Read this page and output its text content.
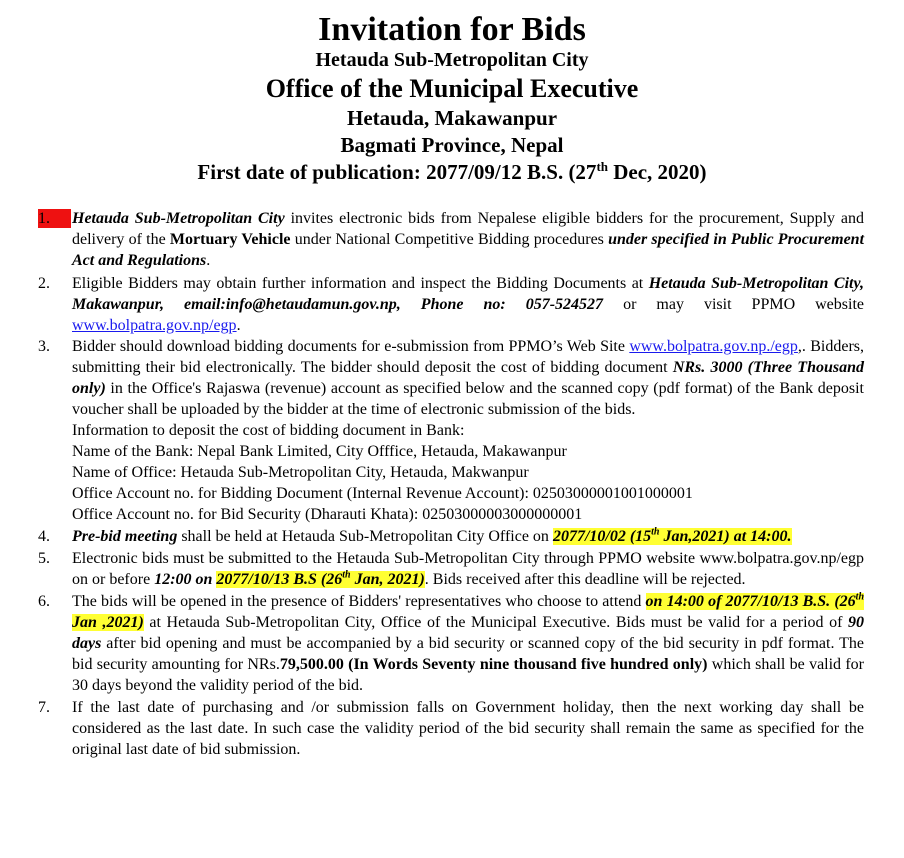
Invitation for Bids

Hetauda Sub-Metropolitan City

Office of the Municipal Executive

Hetauda, Makawanpur

Bagmati Province, Nepal

First date of publication: 2077/09/12 B.S. (27th Dec, 2020)

1.	Hetauda Sub-Metropolitan City invites electronic bids from Nepalese eligible bidders for the procurement, Supply and delivery of the Mortuary Vehicle under National Competitive Bidding procedures under specified in Public Procurement Act and Regulations.

2.	Eligible Bidders may obtain further information and inspect the Bidding Documents at Hetauda Sub-Metropolitan City, Makawanpur, email:info@hetaudamun.gov.np, Phone no: 057-524527 or may visit PPMO website www.bolpatra.gov.np/egp.

3.	Bidder should download bidding documents for e-submission from PPMO’s Web Site www.bolpatra.gov.np./egp,. Bidders, submitting their bid electronically. The bidder should deposit the cost of bidding document NRs. 3000 (Three Thousand only) in the Office's Rajaswa (revenue) account as specified below and the scanned copy (pdf format) of the Bank deposit voucher shall be uploaded by the bidder at the time of electronic submission of the bids.
Information to deposit the cost of bidding document in Bank:
Name of the Bank: Nepal Bank Limited, City Offfice, Hetauda, Makawanpur
Name of Office: Hetauda Sub-Metropolitan City, Hetauda, Makwanpur
Office Account no. for Bidding Document (Internal Revenue Account): 02503000001001000001
Office Account no. for Bid Security (Dharauti Khata): 02503000003000000001

4.	Pre-bid meeting shall be held at Hetauda Sub-Metropolitan City Office on 2077/10/02 (15th Jan,2021) at 14:00.

5.	Electronic bids must be submitted to the Hetauda Sub-Metropolitan City through PPMO website www.bolpatra.gov.np/egp on or before 12:00 on 2077/10/13 B.S (26th Jan, 2021). Bids received after this deadline will be rejected.

6.	The bids will be opened in the presence of Bidders' representatives who choose to attend on 14:00 of 2077/10/13 B.S. (26th Jan ,2021) at Hetauda Sub-Metropolitan City, Office of the Municipal Executive. Bids must be valid for a period of 90 days after bid opening and must be accompanied by a bid security or scanned copy of the bid security in pdf format. The bid security amounting for NRs.79,500.00 (In Words Seventy nine thousand five hundred only) which shall be valid for 30 days beyond the validity period of the bid.

7.	If the last date of purchasing and /or submission falls on Government holiday, then the next working day shall be considered as the last date. In such case the validity period of the bid security shall remain the same as specified for the original last date of bid submission.
